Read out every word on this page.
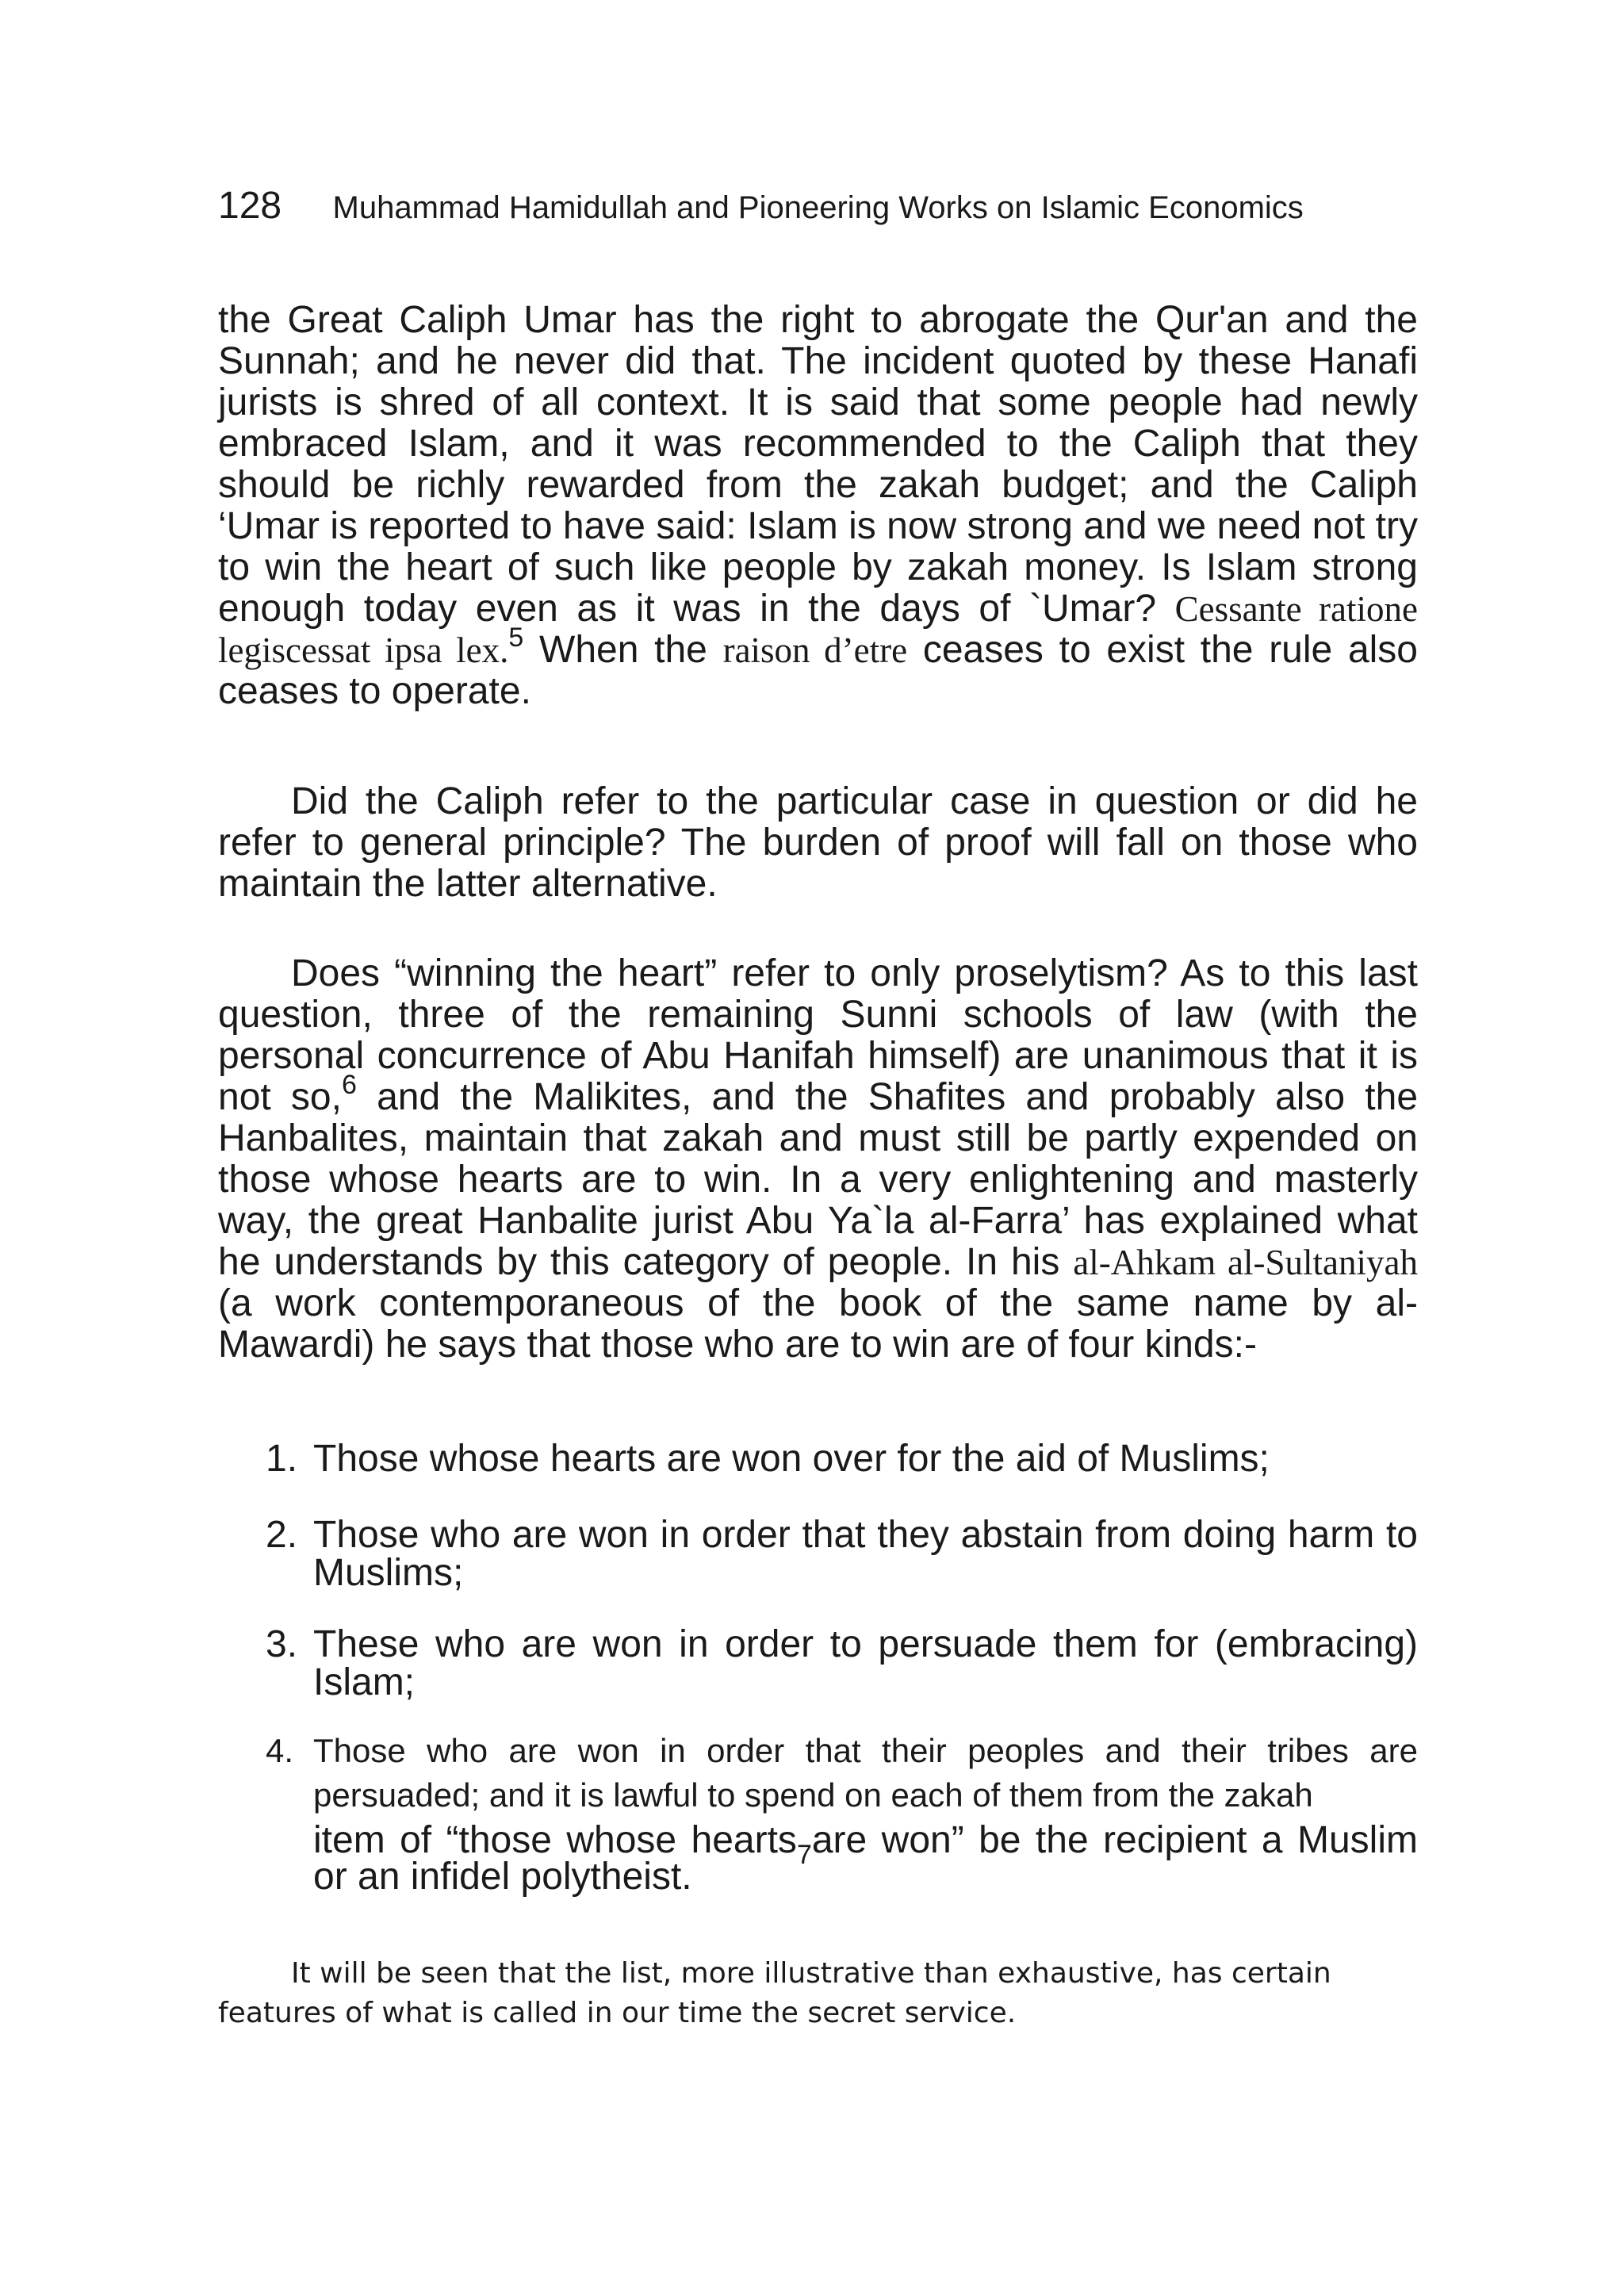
128 Muhammad Hamidullah and Pioneering Works on Islamic Economics

the Great Caliph Umar has the right to abrogate the Qur'an and the Sunnah; and he never did that. The incident quoted by these Hanafi jurists is shred of all context. It is said that some people had newly embraced Islam, and it was recommended to the Caliph that they should be richly rewarded from the zakah budget; and the Caliph ‘Umar is reported to have said: Islam is now strong and we need not try to win the heart of such like people by zakah money. Is Islam strong enough today even as it was in the days of `Umar? Cessante ratione legiscessat ipsa lex.$^5$ When the raison d’etre ceases to exist the rule also ceases to operate.

Did the Caliph refer to the particular case in question or did he refer to general principle? The burden of proof will fall on those who maintain the latter alternative.

Does “winning the heart” refer to only proselytism? As to this last question, three of the remaining Sunni schools of law (with the personal concurrence of Abu Hanifah himself) are unanimous that it is not so,$^6$ and the Malikites, and the Shafites and probably also the Hanbalites, maintain that zakah and must still be partly expended on those whose hearts are to win. In a very enlightening and masterly way, the great Hanbalite jurist Abu Ya`la al-Farra’ has explained what he understands by this category of people. In his al-Ahkam al-Sultaniyah (a work contemporaneous of the book of the same name by al-Mawardi) he says that those who are to win are of four kinds:-

1. Those whose hearts are won over for the aid of Muslims;
2. Those who are won in order that they abstain from doing harm to Muslims;
3. These who are won in order to persuade them for (embracing) Islam;
4. Those who are won in order that their peoples and their tribes are persuaded; and it is lawful to spend on each of them from the zakah
item of “those whose hearts$_7$are won” be the recipient a Muslim or an infidel polytheist.

It will be seen that the list, more illustrative than exhaustive, has certain features of what is called in our time the secret service.
